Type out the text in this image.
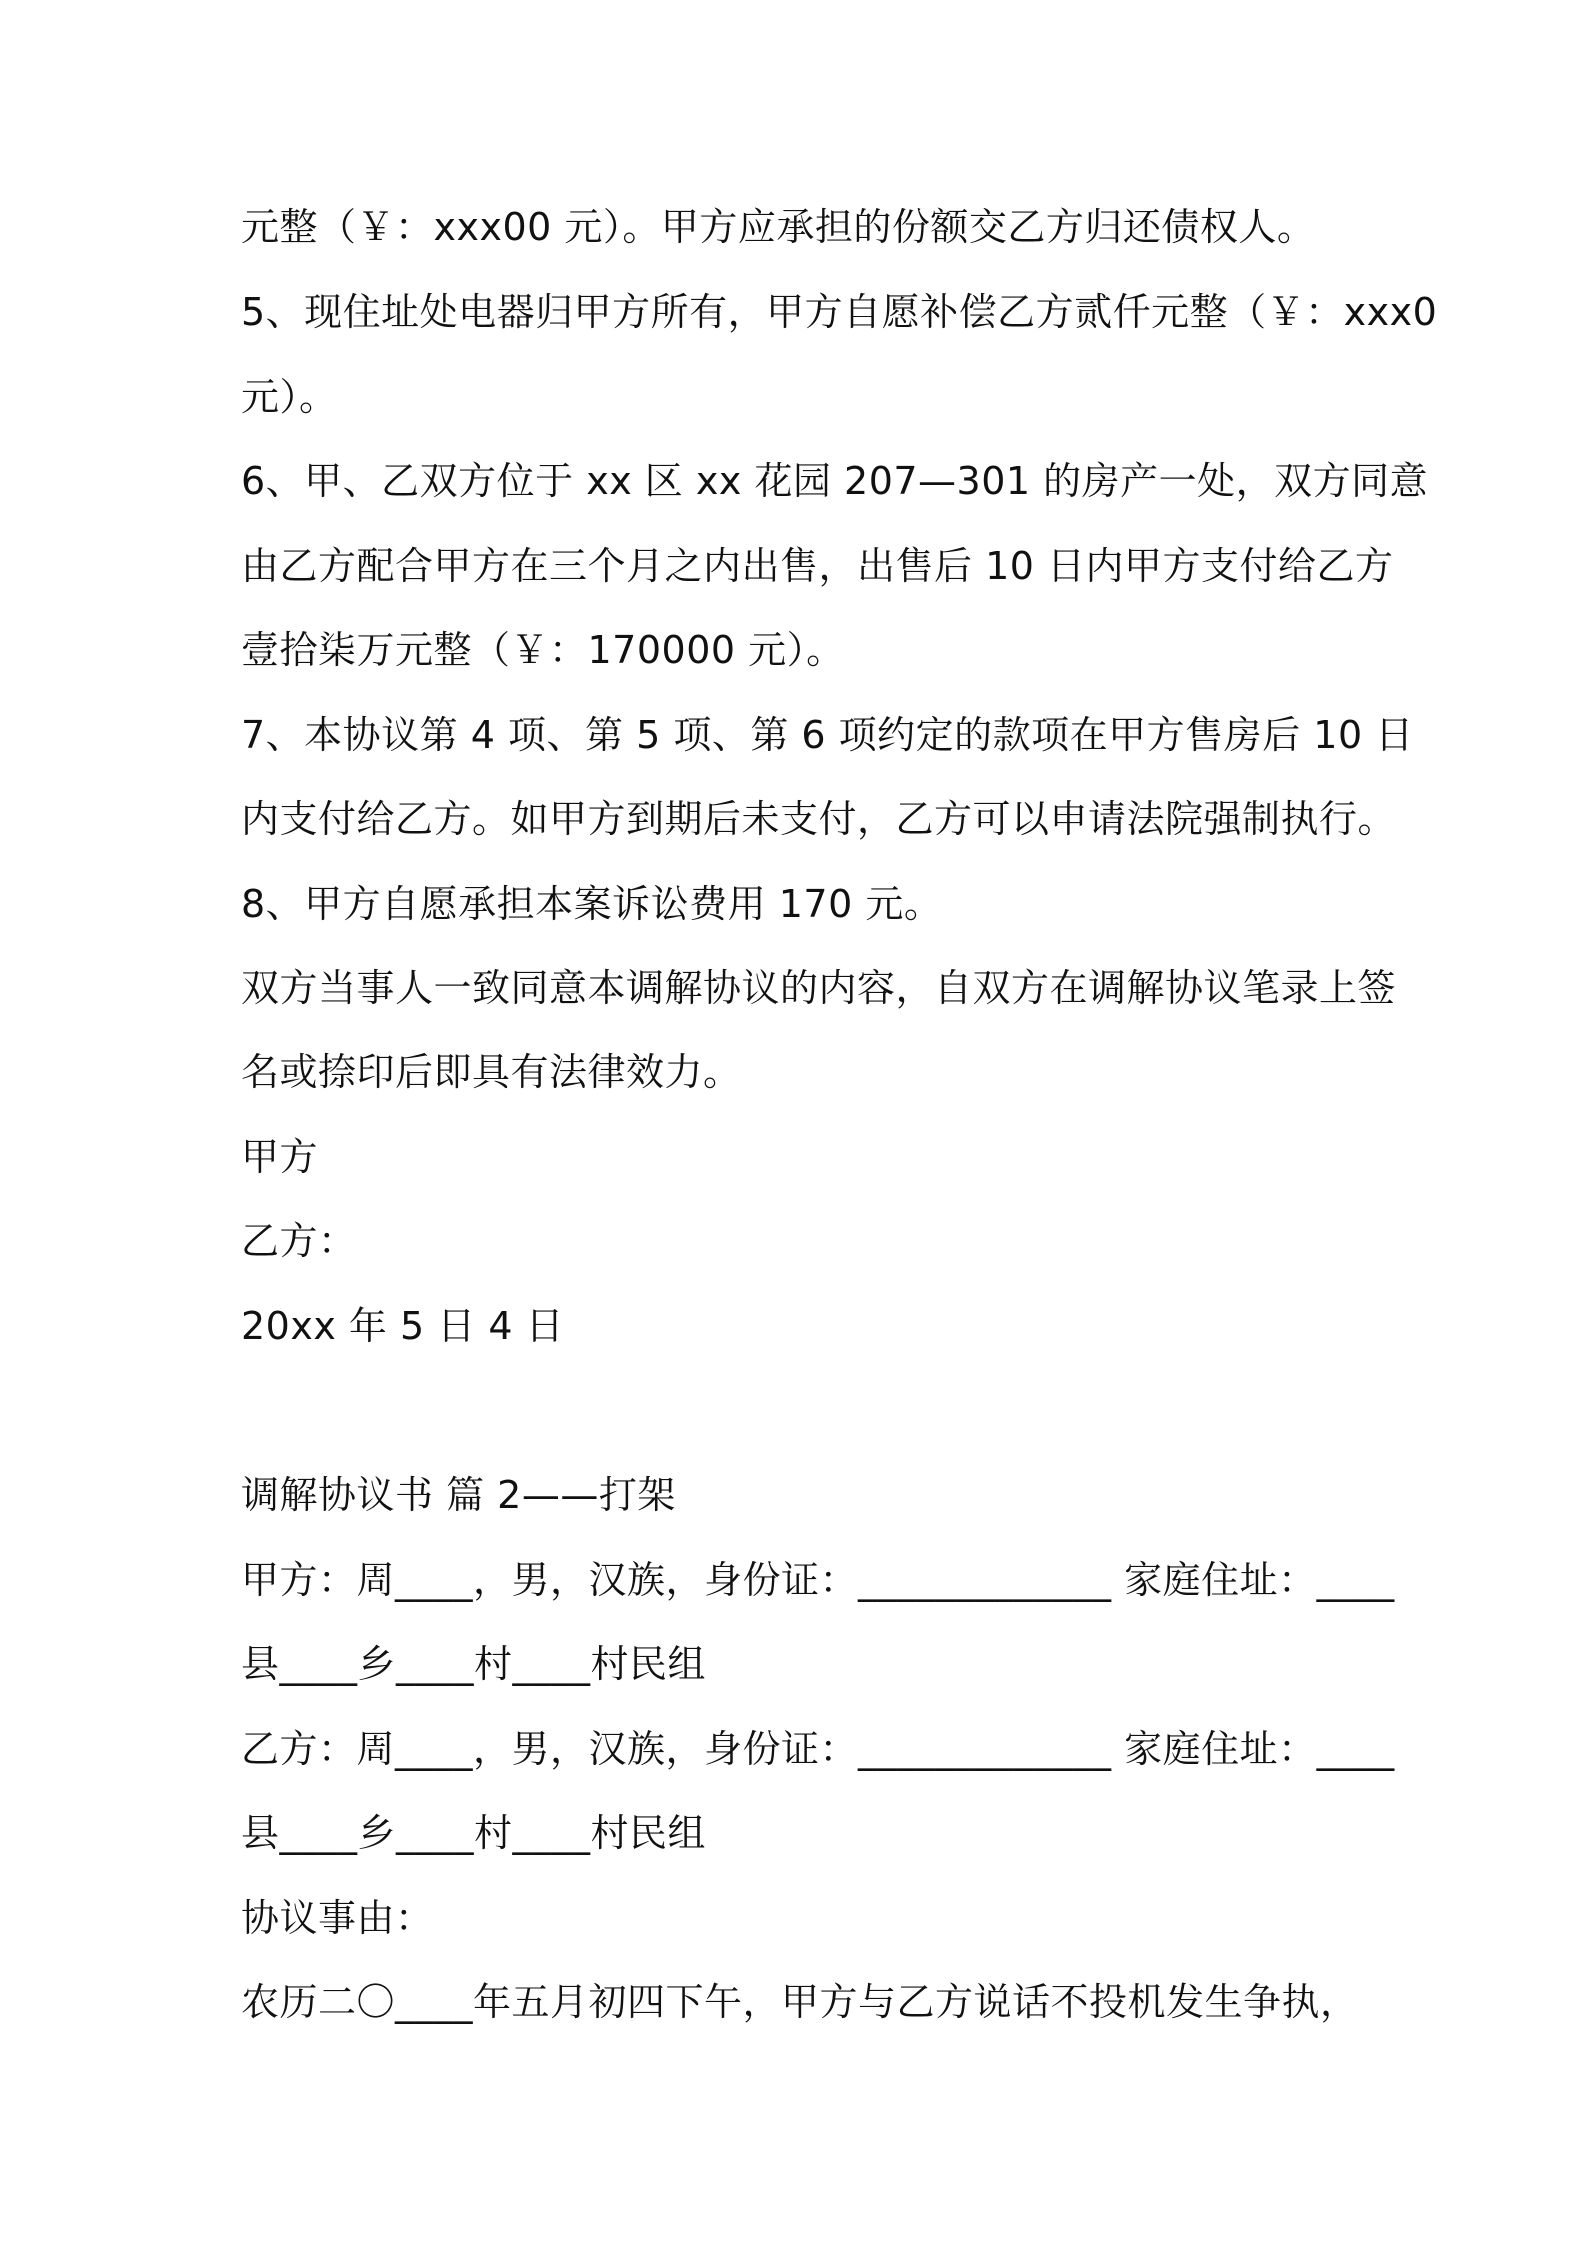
元整（￥：xxx00 元）。甲方应承担的份额交乙方归还债权人。
5、现住址处电器归甲方所有，甲方自愿补偿乙方贰仟元整（￥：xxx0
元）。
6、甲、乙双方位于 xx 区 xx 花园 207—301 的房产一处，双方同意
由乙方配合甲方在三个月之内出售，出售后 10 日内甲方支付给乙方
壹拾柒万元整（￥：170000 元）。
7、本协议第 4 项、第 5 项、第 6 项约定的款项在甲方售房后 10 日
内支付给乙方。如甲方到期后未支付，乙方可以申请法院强制执行。
8、甲方自愿承担本案诉讼费用 170 元。
双方当事人一致同意本调解协议的内容，自双方在调解协议笔录上签
名或捺印后即具有法律效力。
甲方
乙方：
20xx 年 5 日 4 日
调解协议书 篇 2——打架
甲方：周____，男，汉族，身份证：_____________ 家庭住址：____
县____乡____村____村民组
乙方：周____，男，汉族，身份证：_____________ 家庭住址：____
县____乡____村____村民组
协议事由：
农历二〇____年五月初四下午，甲方与乙方说话不投机发生争执，
